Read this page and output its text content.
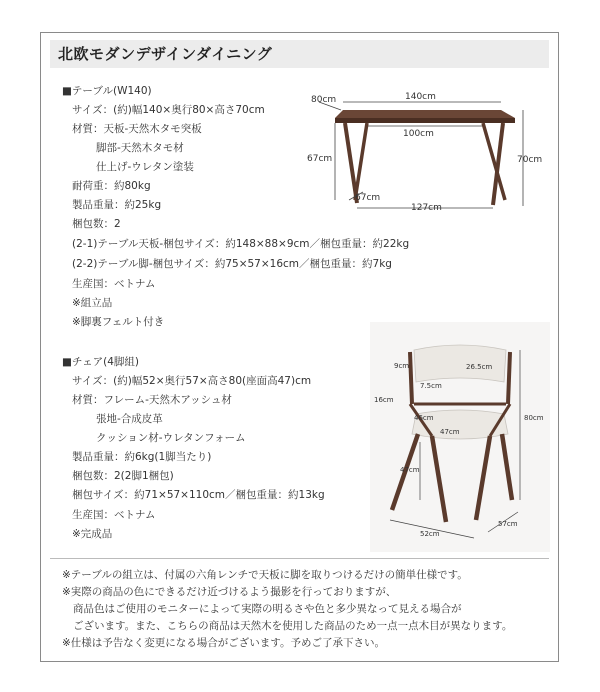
北欧モダンデザインダイニング
■テーブル(W140)
サイズ：(約)幅140×奥行80×高さ70cm
材質：天板-天然木タモ突板
脚部-天然木タモ材
仕上げ-ウレタン塗装
耐荷重：約80kg
製品重量：約25kg
梱包数：2
(2-1)テーブル天板-梱包サイズ：約148×88×9cm／梱包重量：約22kg
(2-2)テーブル脚-梱包サイズ：約75×57×16cm／梱包重量：約7kg
生産国：ベトナム
※組立品
※脚裏フェルト付き
■チェア(4脚組)
サイズ：(約)幅52×奥行57×高さ80(座面高47)cm
材質：フレーム-天然木アッシュ材
張地-合成皮革
クッション材-ウレタンフォーム
製品重量：約6kg(1脚当たり)
梱包数：2(2脚1梱包)
梱包サイズ：約71×57×110cm／梱包重量：約13kg
生産国：ベトナム
※完成品
140cm
80cm
100cm
67cm	70cm
67cm
127cm
26.5cm
9cm
7.5cm
16cm
46cm
47cm
80cm
47cm
57cm
52cm
※テーブルの組立は、付属の六角レンチで天板に脚を取りつけるだけの簡単仕様です。
※実際の商品の色にできるだけ近づけるよう撮影を行っておりますが、
商品色はご使用のモニターによって実際の明るさや色と多少異なって見える場合が
ございます。また、こちらの商品は天然木を使用した商品のため一点一点木目が異なります。
※仕様は予告なく変更になる場合がございます。予めご了承下さい。
